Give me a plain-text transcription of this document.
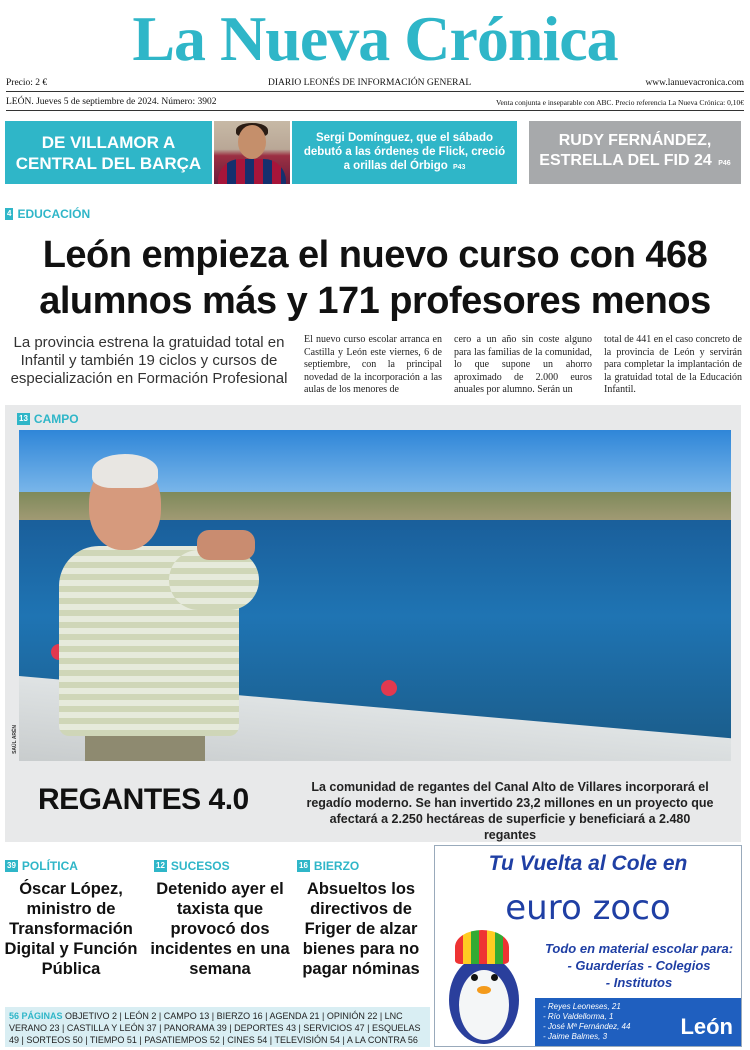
La Nueva Crónica
Precio: 2 €	DIARIO LEONÉS DE INFORMACIÓN GENERAL	www.lanuevacronica.com
LEÓN. Jueves 5 de septiembre de 2024. Número: 3902	Venta conjunta e inseparable con ABC. Precio referencia La Nueva Crónica: 0,10€
DE VILLAMOR A CENTRAL DEL BARÇA
Sergi Domínguez, que el sábado debutó a las órdenes de Flick, creció a orillas del Órbigo P43
RUDY FERNÁNDEZ, ESTRELLA DEL FID 24 P46
4 EDUCACIÓN
León empieza el nuevo curso con 468 alumnos más y 171 profesores menos
La provincia estrena la gratuidad total en Infantil y también 19 ciclos y cursos de especialización en Formación Profesional
El nuevo curso escolar arranca en Castilla y León este viernes, 6 de septiembre, con la principal novedad de la incorporación a las aulas de los menores de
cero a un año sin coste alguno para las familias de la comunidad, lo que supone un ahorro aproximado de 2.000 euros anuales por alumno. Serán un
total de 441 en el caso concreto de la provincia de León y servirán para completar la implantación de la gratuidad total de la Educación Infantil.
13 CAMPO
SAÚL ARÉN
REGANTES 4.0	La comunidad de regantes del Canal Alto de Villares incorporará el regadío moderno. Se han invertido 23,2 millones en un proyecto que afectará a 2.250 hectáreas de superficie y beneficiará a 2.480 regantes
39 POLÍTICA
Óscar López, ministro de Transformación Digital y Función Pública
12 SUCESOS
Detenido ayer el taxista que provocó dos incidentes en una semana
16 BIERZO
Absueltos los directivos de Friger de alzar bienes para no pagar nóminas
56 PÁGINAS OBJETIVO 2 | LEÓN 2 | CAMPO 13 | BIERZO 16 | AGENDA 21 | OPINIÓN 22 | LNC
VERANO 23 | CASTILLA Y LEÓN 37 | PANORAMA 39 | DEPORTES 43 | SERVICIOS 47 | ESQUELAS
49 | SORTEOS 50 | TIEMPO 51 | PASATIEMPOS 52 | CINES 54 | TELEVISIÓN 54 | A LA CONTRA 56
Tu Vuelta al Cole en
euro zoco
Todo en material escolar para:
- Guarderías - Colegios
- Institutos
- Reyes Leoneses, 21
- Río Valdellorma, 1
- José Mª Fernández, 44
- Jaime Balmes, 3	León
